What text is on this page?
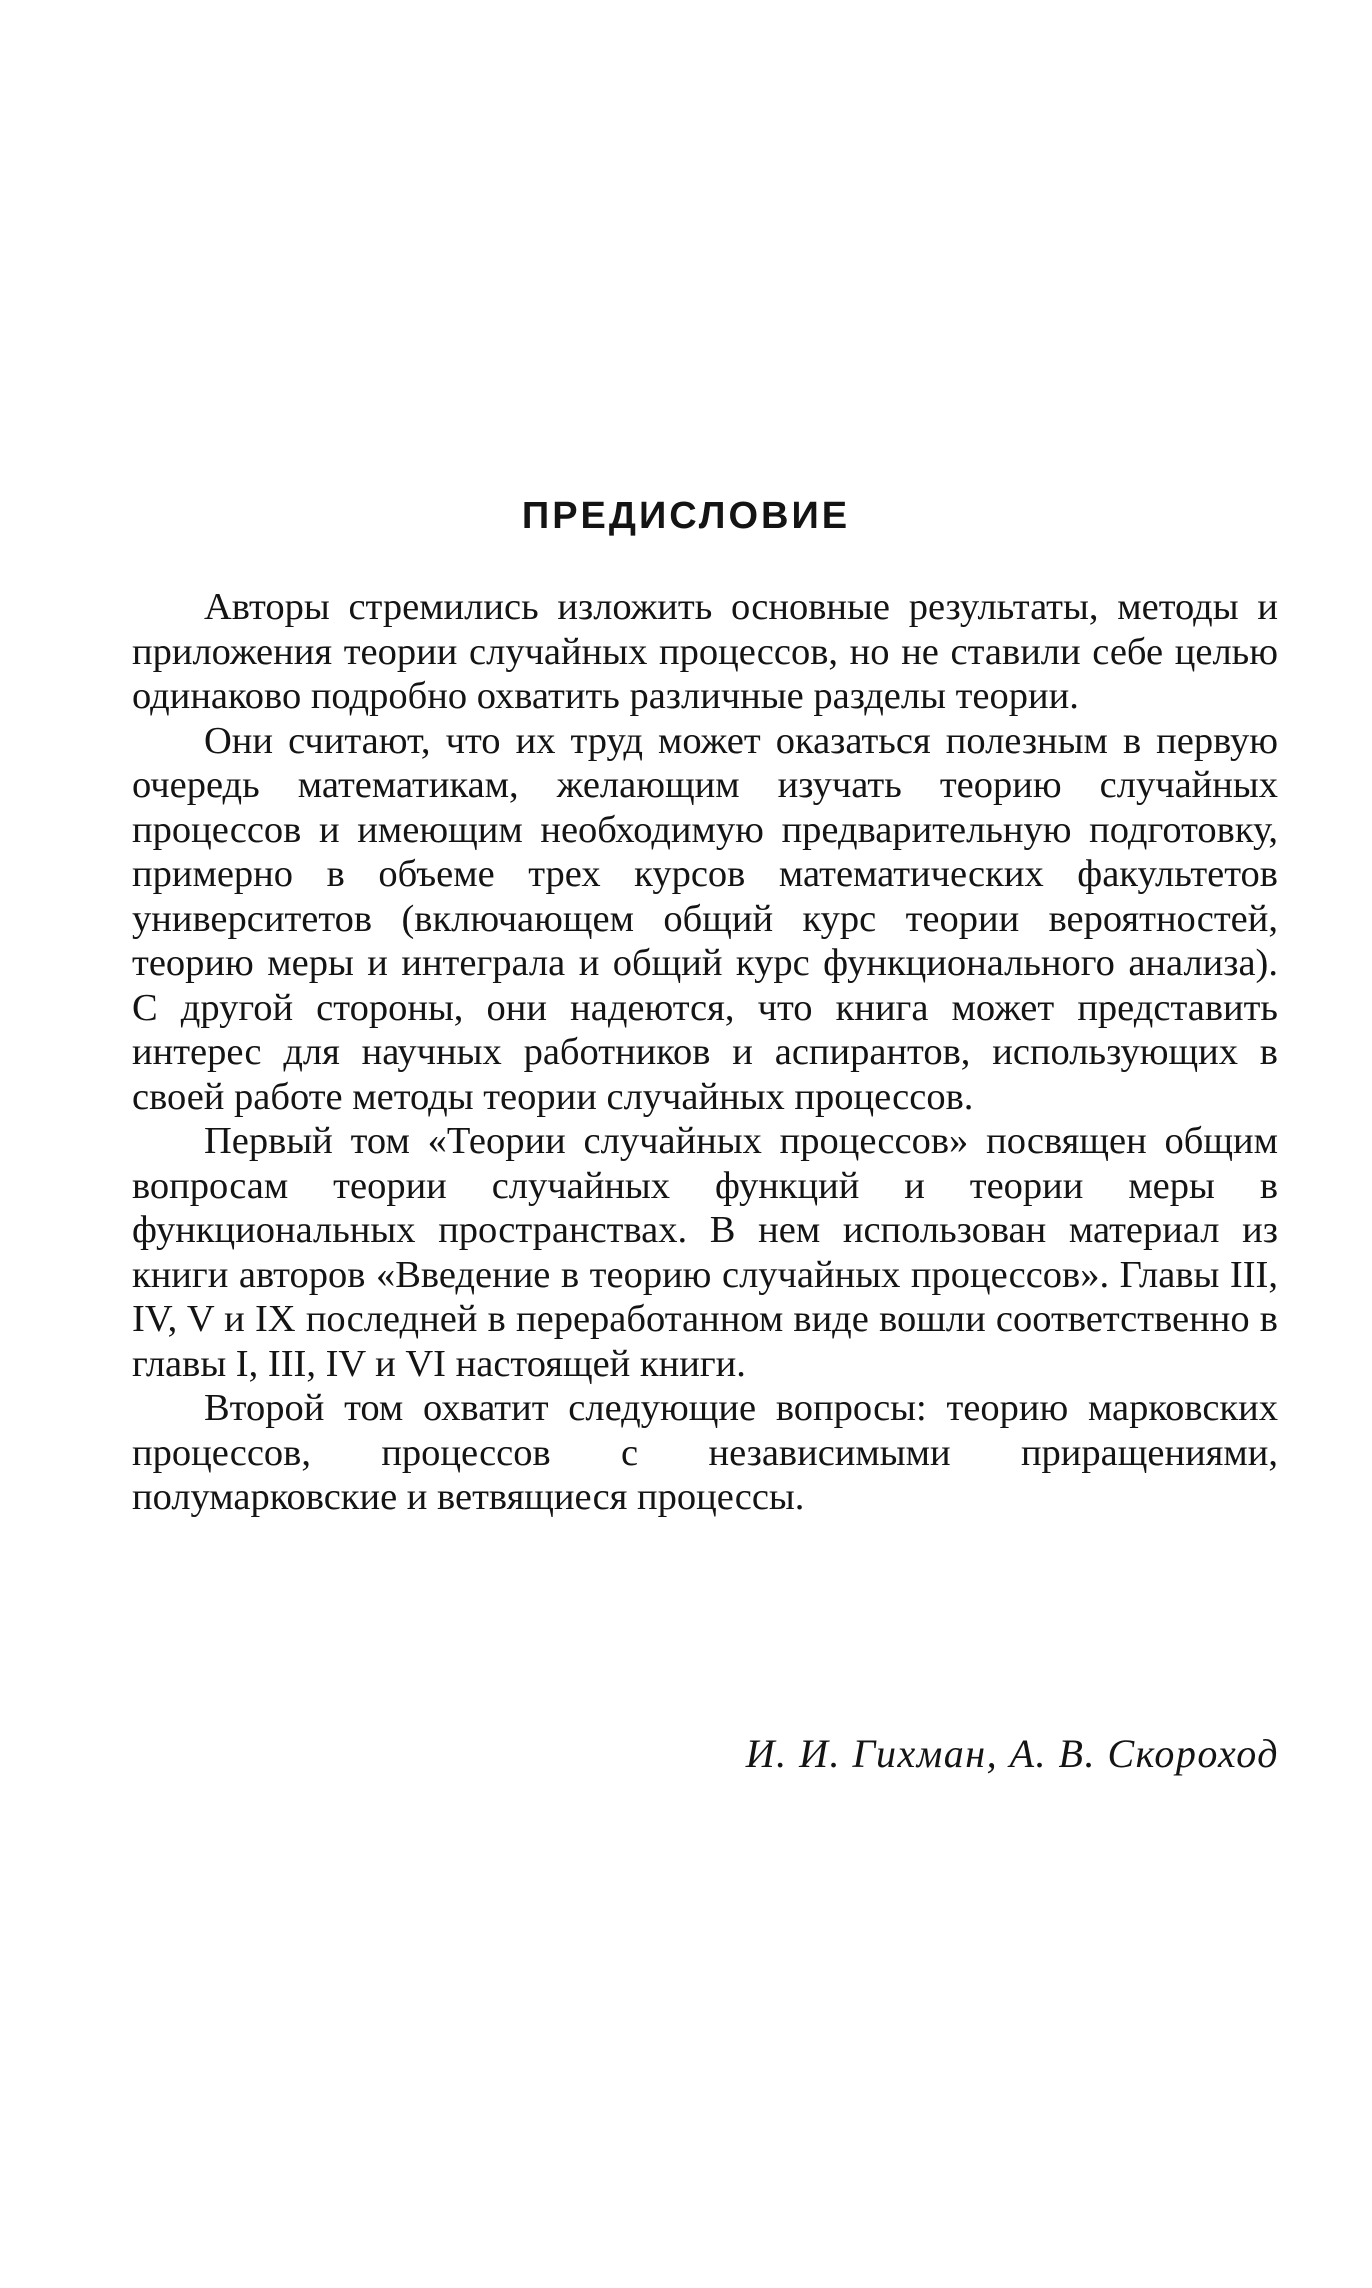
ПРЕДИСЛОВИЕ

Авторы стремились изложить основные результаты, методы и приложения теории случайных процессов, но не ставили себе целью одинаково подробно охватить различные разделы теории.

Они считают, что их труд может оказаться полезным в первую очередь математикам, желающим изучать теорию случайных процессов и имеющим необходимую предварительную подготовку, примерно в объеме трех курсов математических факультетов университетов (включающем общий курс теории вероятностей, теорию меры и интеграла и общий курс функционального анализа). С другой стороны, они надеются, что книга может представить интерес для научных работников и аспирантов, использующих в своей работе методы теории случайных процессов.

Первый том «Теории случайных процессов» посвящен общим вопросам теории случайных функций и теории меры в функциональных пространствах. В нем использован материал из книги авторов «Введение в теорию случайных процессов». Главы III, IV, V и IX последней в переработанном виде вошли соответственно в главы I, III, IV и VI настоящей книги.

Второй том охватит следующие вопросы: теорию марковских процессов, процессов с независимыми приращениями, полумарковские и ветвящиеся процессы.

И. И. Гихман, А. В. Скороход
